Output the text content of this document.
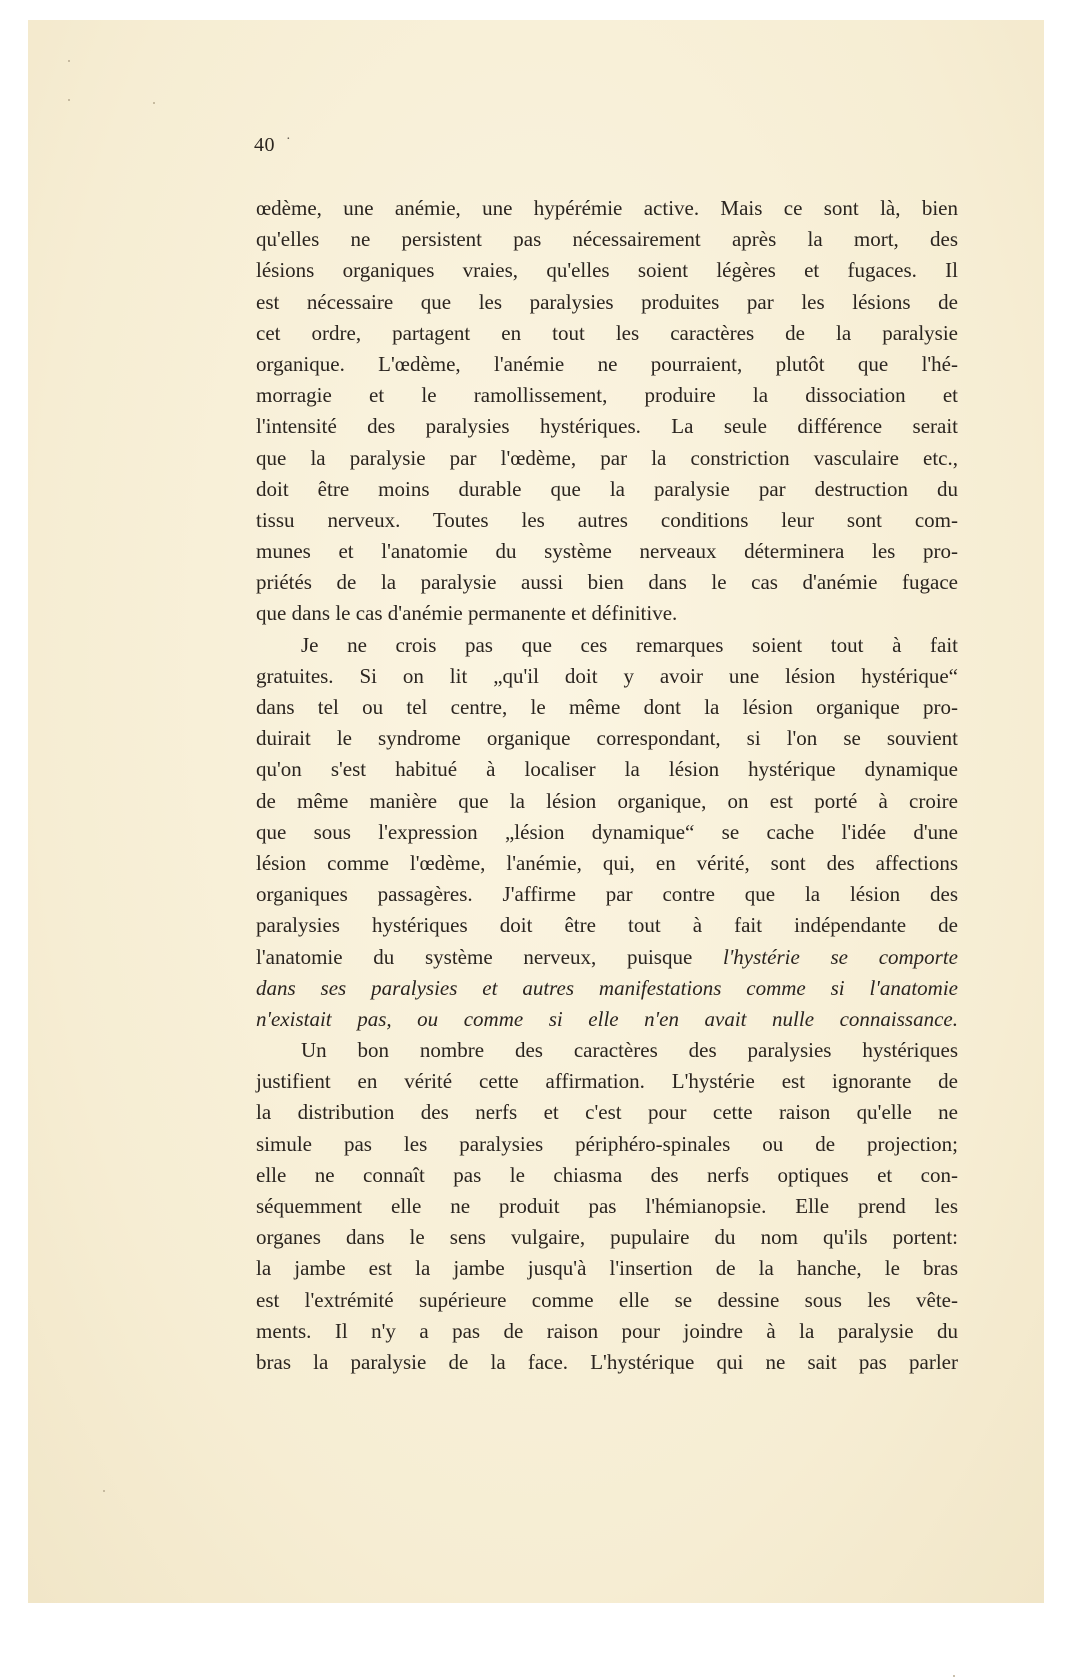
40 ·
œdème, une anémie, une hypérémie active. Mais ce sont là, bien
qu'elles ne persistent pas nécessairement après la mort, des
lésions organiques vraies, qu'elles soient légères et fugaces. Il
est nécessaire que les paralysies produites par les lésions de
cet ordre, partagent en tout les caractères de la paralysie
organique. L'œdème, l'anémie ne pourraient, plutôt que l'hé-
morragie et le ramollissement, produire la dissociation et
l'intensité des paralysies hystériques. La seule différence serait
que la paralysie par l'œdème, par la constriction vasculaire etc.,
doit être moins durable que la paralysie par destruction du
tissu nerveux. Toutes les autres conditions leur sont com-
munes et l'anatomie du système nerveaux déterminera les pro-
priétés de la paralysie aussi bien dans le cas d'anémie fugace
que dans le cas d'anémie permanente et définitive.
Je ne crois pas que ces remarques soient tout à fait
gratuites. Si on lit „qu'il doit y avoir une lésion hystérique“
dans tel ou tel centre, le même dont la lésion organique pro-
duirait le syndrome organique correspondant, si l'on se souvient
qu'on s'est habitué à localiser la lésion hystérique dynamique
de même manière que la lésion organique, on est porté à croire
que sous l'expression „lésion dynamique“ se cache l'idée d'une
lésion comme l'œdème, l'anémie, qui, en vérité, sont des affections
organiques passagères. J'affirme par contre que la lésion des
paralysies hystériques doit être tout à fait indépendante de
l'anatomie du système nerveux, puisque l'hystérie se comporte
dans ses paralysies et autres manifestations comme si l'anatomie
n'existait pas, ou comme si elle n'en avait nulle connaissance.
Un bon nombre des caractères des paralysies hystériques
justifient en vérité cette affirmation. L'hystérie est ignorante de
la distribution des nerfs et c'est pour cette raison qu'elle ne
simule pas les paralysies périphéro-spinales ou de projection;
elle ne connaît pas le chiasma des nerfs optiques et con-
séquemment elle ne produit pas l'hémianopsie. Elle prend les
organes dans le sens vulgaire, pupulaire du nom qu'ils portent:
la jambe est la jambe jusqu'à l'insertion de la hanche, le bras
est l'extrémité supérieure comme elle se dessine sous les vête-
ments. Il n'y a pas de raison pour joindre à la paralysie du
bras la paralysie de la face. L'hystérique qui ne sait pas parler
